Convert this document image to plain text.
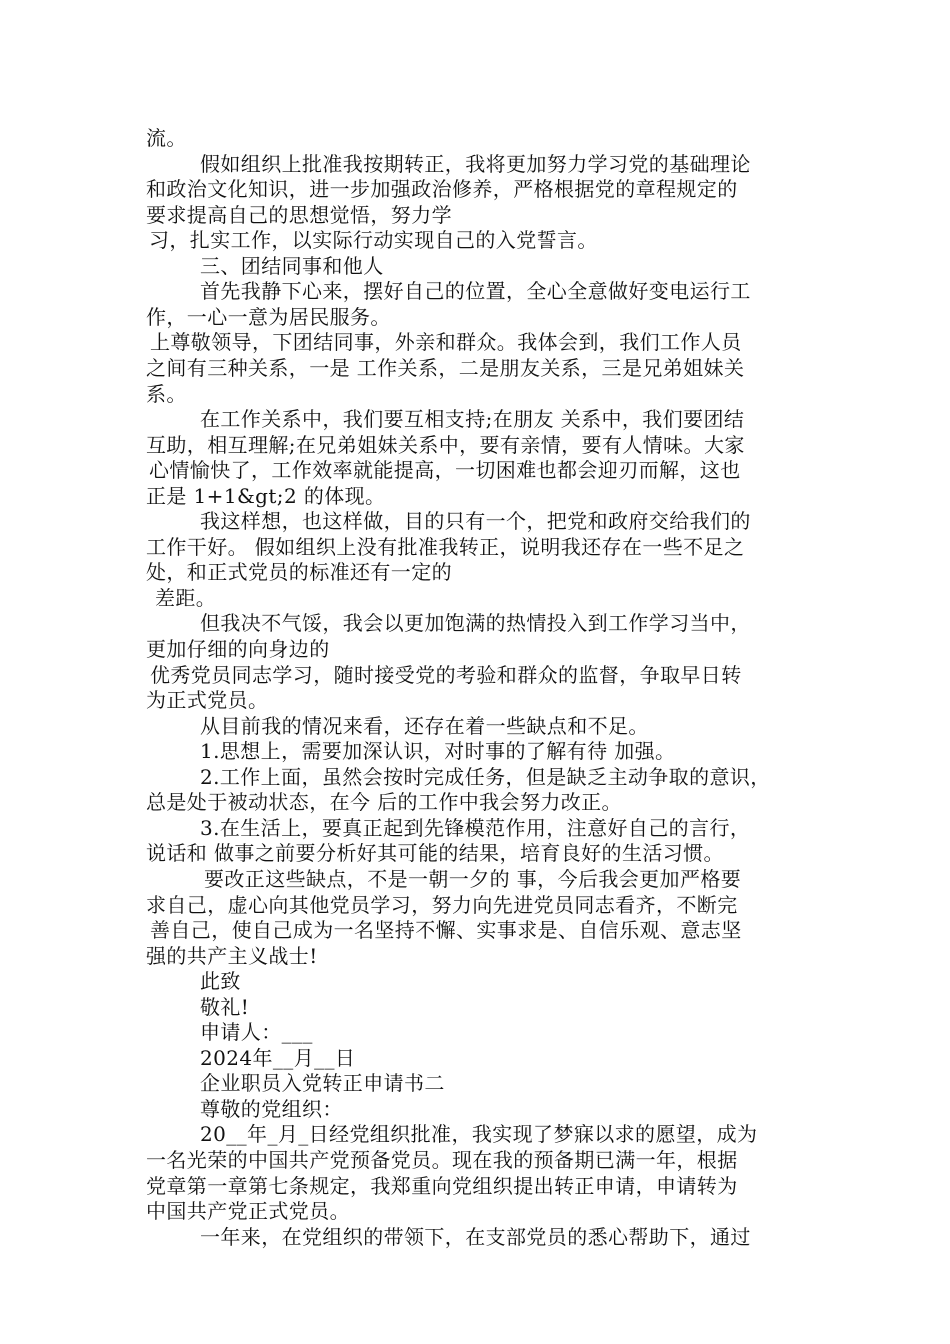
流。
假如组织上批准我按期转正，我将更加努力学习党的基础理论
和政治文化知识，进一步加强政治修养，严格根据党的章程规定的
要求提高自己的思想觉悟，努力学
习，扎实工作，以实际行动实现自己的入党誓言。
三、团结同事和他人
首先我静下心来，摆好自己的位置，全心全意做好变电运行工
作，一心一意为居民服务。
上尊敬领导，下团结同事，外亲和群众。我体会到，我们工作人员
之间有三种关系，一是 工作关系，二是朋友关系，三是兄弟姐妹关
系。
在工作关系中，我们要互相支持;在朋友 关系中，我们要团结
互助，相互理解;在兄弟姐妹关系中，要有亲情，要有人情味。大家
心情愉快了，工作效率就能提高，一切困难也都会迎刃而解，这也
正是 1+1&gt;2 的体现。
我这样想，也这样做，目的只有一个，把党和政府交给我们的
工作干好。 假如组织上没有批准我转正，说明我还存在一些不足之
处，和正式党员的标准还有一定的
差距。
但我决不气馁，我会以更加饱满的热情投入到工作学习当中，
更加仔细的向身边的
优秀党员同志学习，随时接受党的考验和群众的监督，争取早日转
为正式党员。
从目前我的情况来看，还存在着一些缺点和不足。
1.思想上，需要加深认识，对时事的了解有待 加强。
2.工作上面，虽然会按时完成任务，但是缺乏主动争取的意识，
总是处于被动状态，在今 后的工作中我会努力改正。
3.在生活上，要真正起到先锋模范作用，注意好自己的言行，
说话和 做事之前要分析好其可能的结果，培育良好的生活习惯。
要改正这些缺点，不是一朝一夕的 事，今后我会更加严格要
求自己，虚心向其他党员学习，努力向先进党员同志看齐，不断完
善自己，使自己成为一名坚持不懈、实事求是、自信乐观、意志坚
强的共产主义战士!
此致
敬礼!
申请人：___
2024年__月__日
企业职员入党转正申请书二
尊敬的党组织：
20__年_月_日经党组织批准，我实现了梦寐以求的愿望，成为
一名光荣的中国共产党预备党员。现在我的预备期已满一年，根据
党章第一章第七条规定，我郑重向党组织提出转正申请，申请转为
中国共产党正式党员。
一年来，在党组织的带领下，在支部党员的悉心帮助下，通过
